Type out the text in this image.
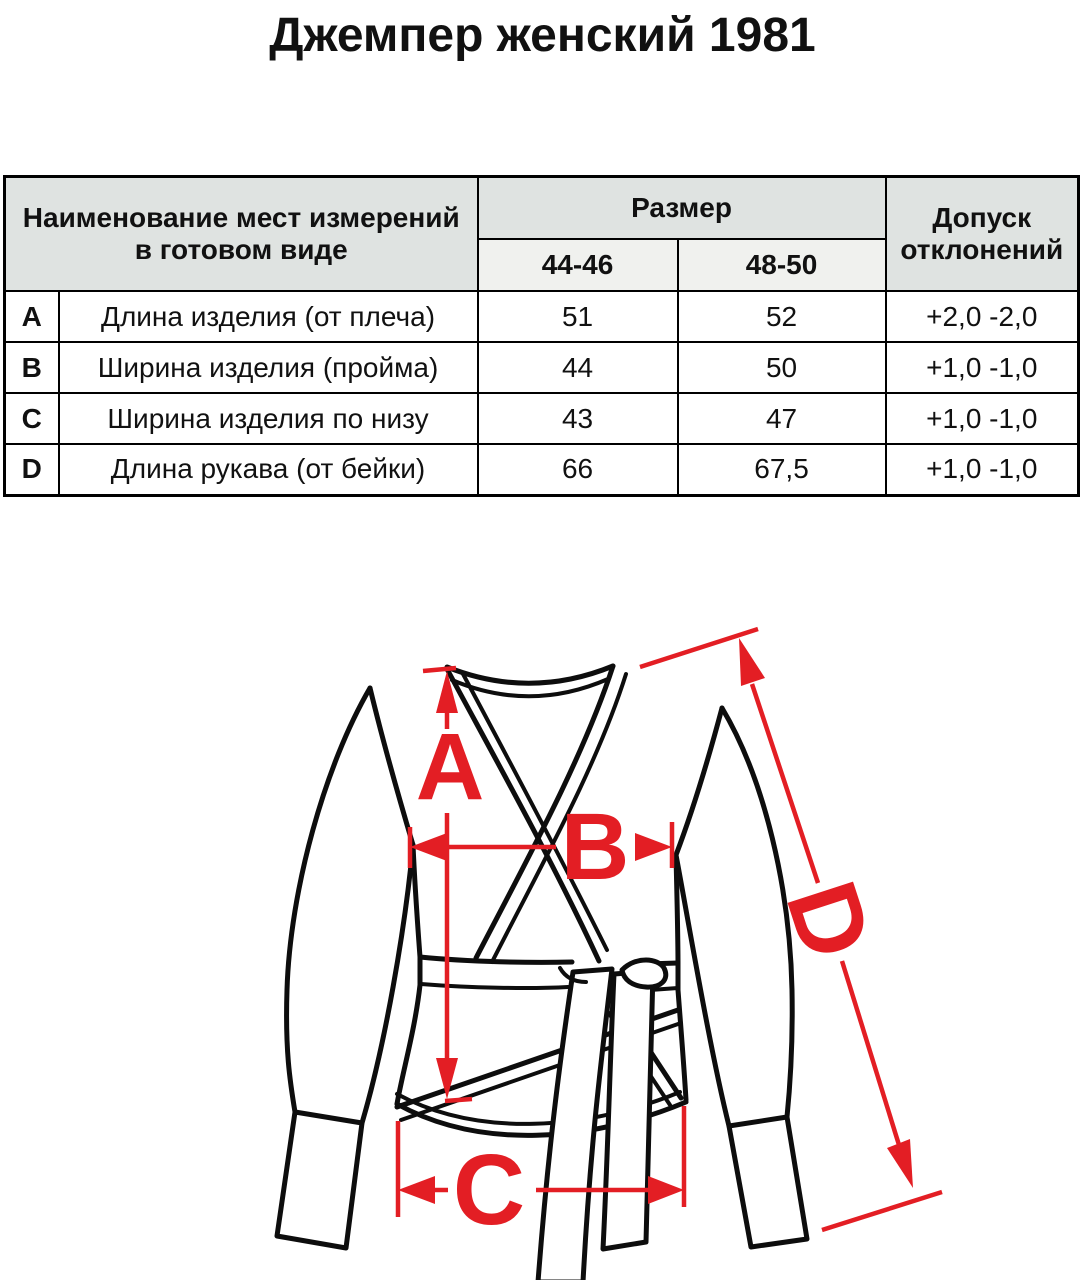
Джемпер женский 1981
Наименование мест измерений в готовом виде		Размер		Допуск отклонений
		44-46	48-50	
A	Длина изделия (от плеча)	51	52	+2,0 -2,0
B	Ширина изделия (пройма)	44	50	+1,0 -1,0
C	Ширина изделия по низу	43	47	+1,0 -1,0
D	Длина рукава (от бейки)	66	67,5	+1,0 -1,0
A
B
C
D
